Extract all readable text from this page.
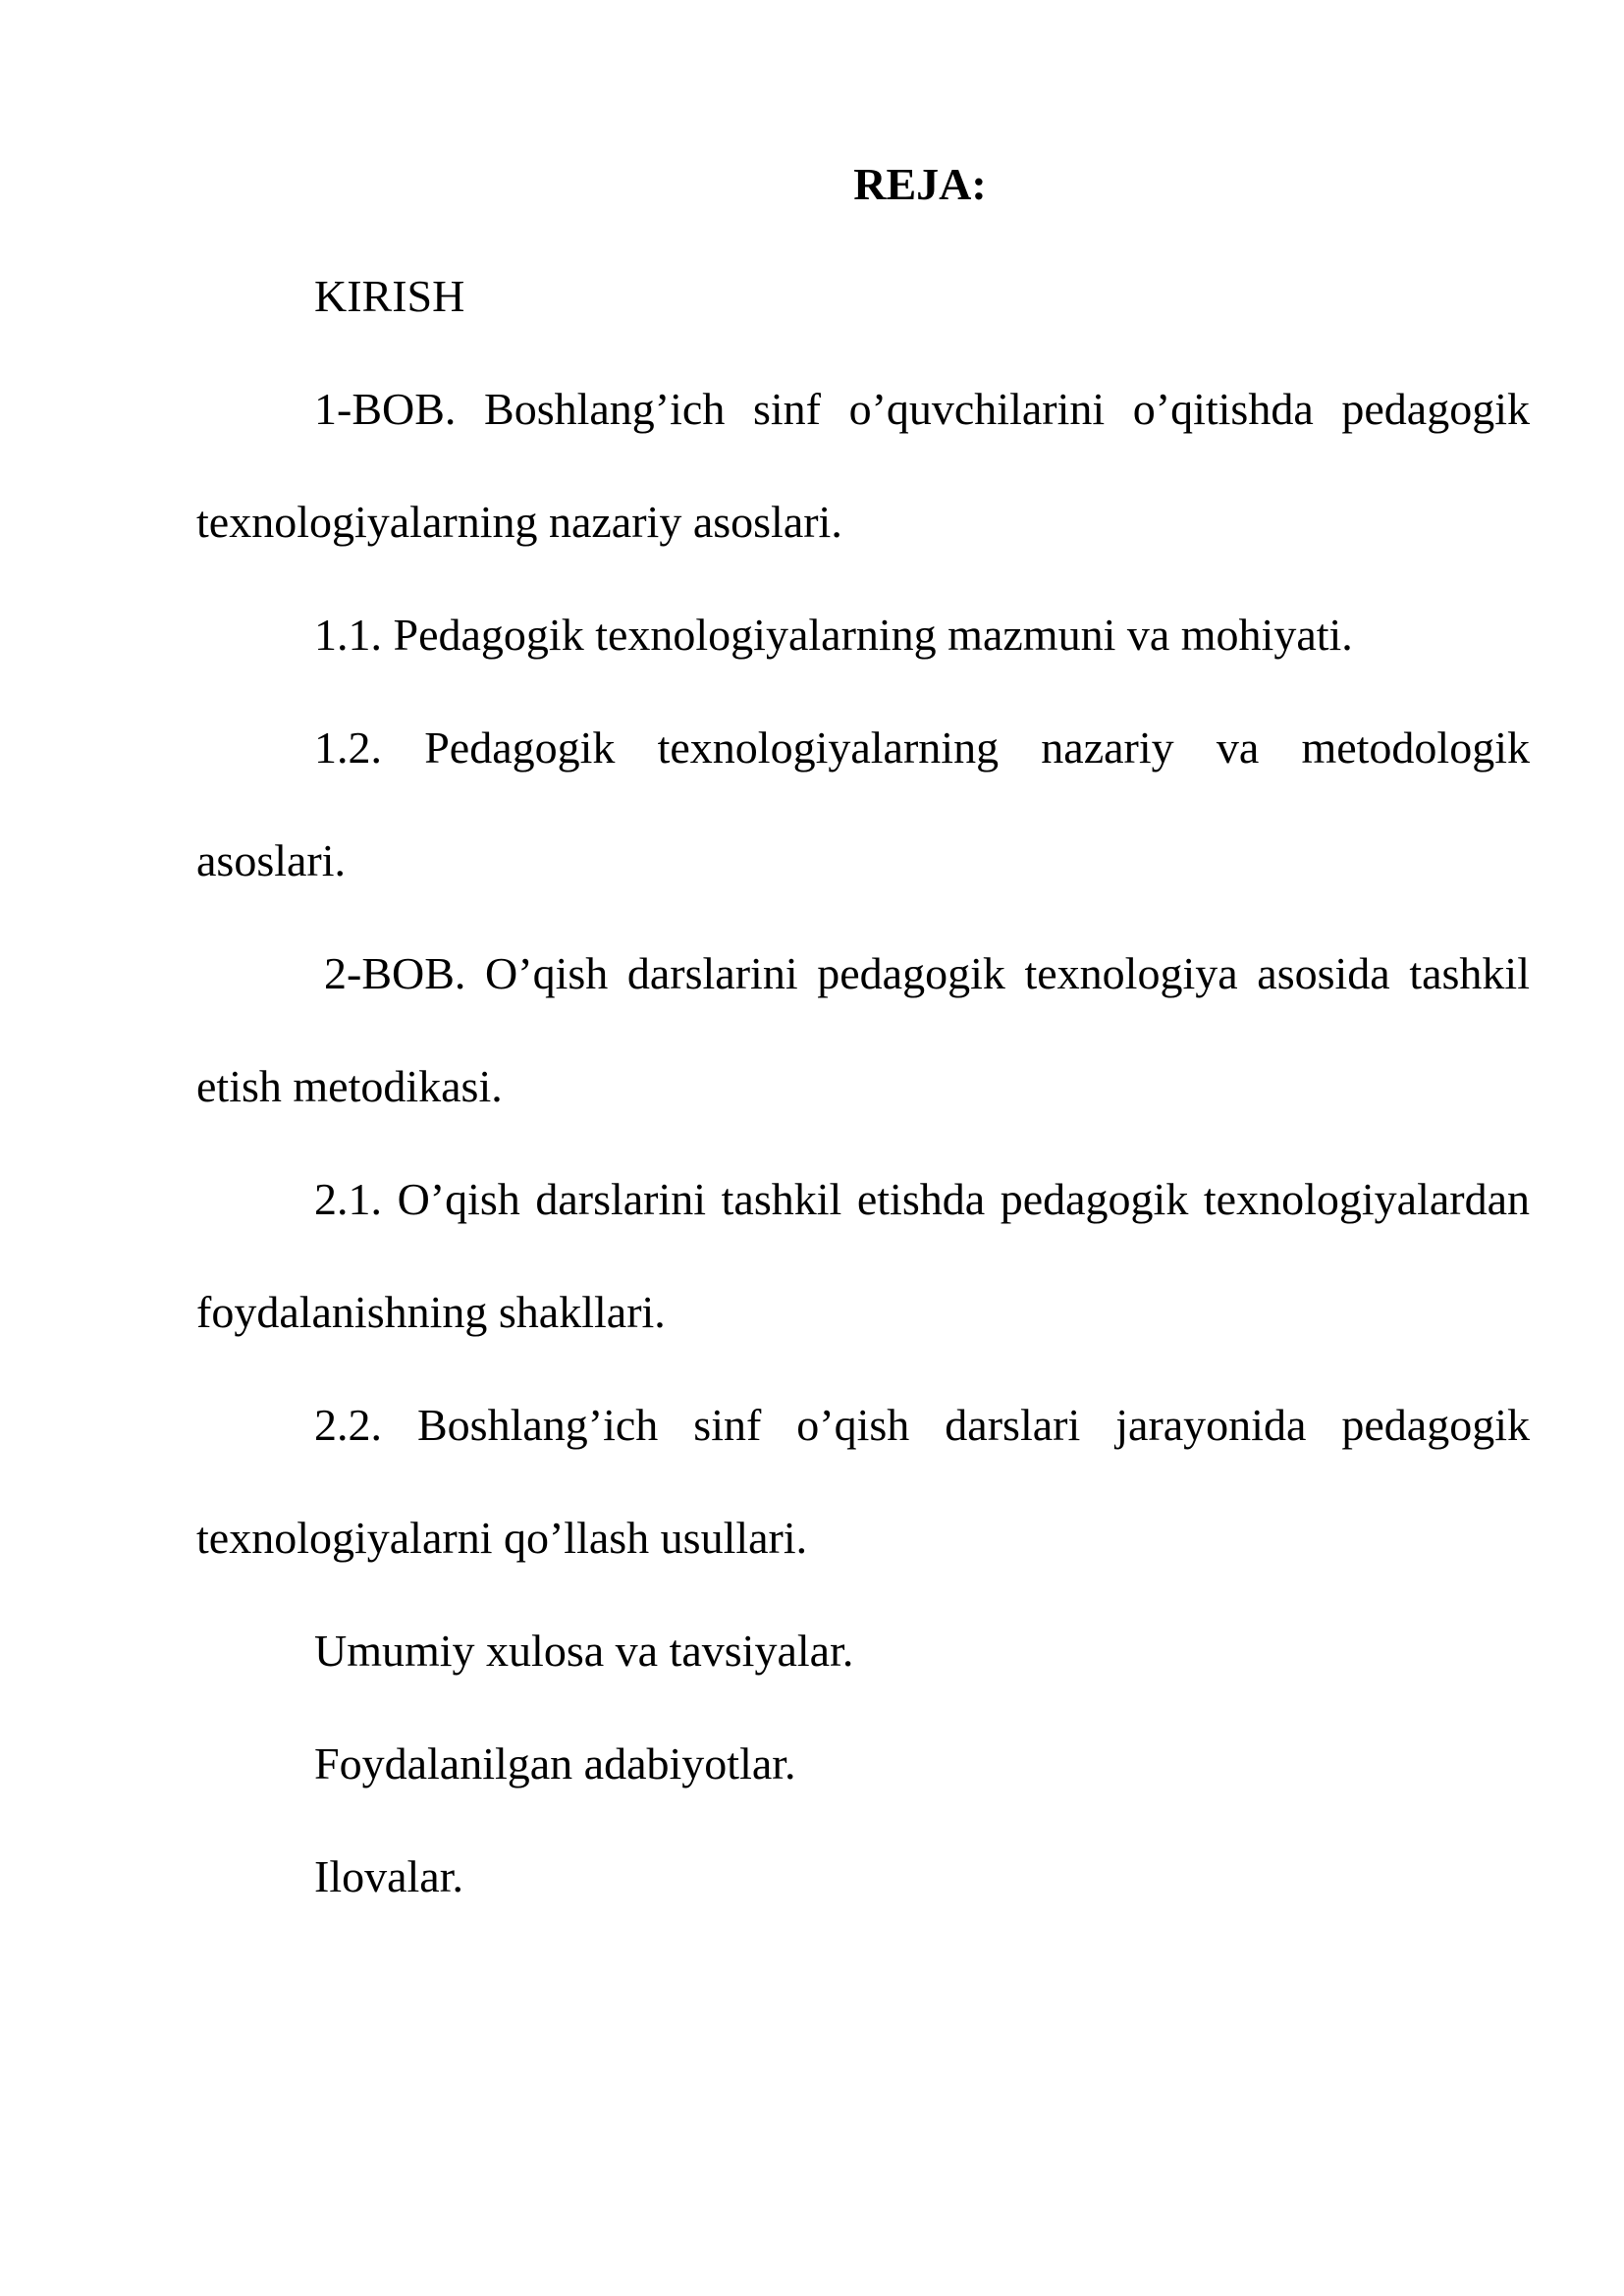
REJA:

KIRISH

1-BOB. Boshlang’ich sinf o’quvchilarini o’qitishda pedagogik texnologiyalarning nazariy asoslari.

1.1. Pedagogik texnologiyalarning mazmuni va mohiyati.

1.2. Pedagogik texnologiyalarning nazariy va metodologik asoslari.

2-BOB. O’qish darslarini pedagogik texnologiya asosida tashkil etish metodikasi.

2.1. O’qish darslarini tashkil etishda pedagogik texnologiyalardan foydalanishning shakllari.

2.2. Boshlang’ich sinf o’qish darslari jarayonida pedagogik texnologiyalarni qo’llash usullari.

Umumiy xulosa va tavsiyalar.

Foydalanilgan adabiyotlar.

Ilovalar.
